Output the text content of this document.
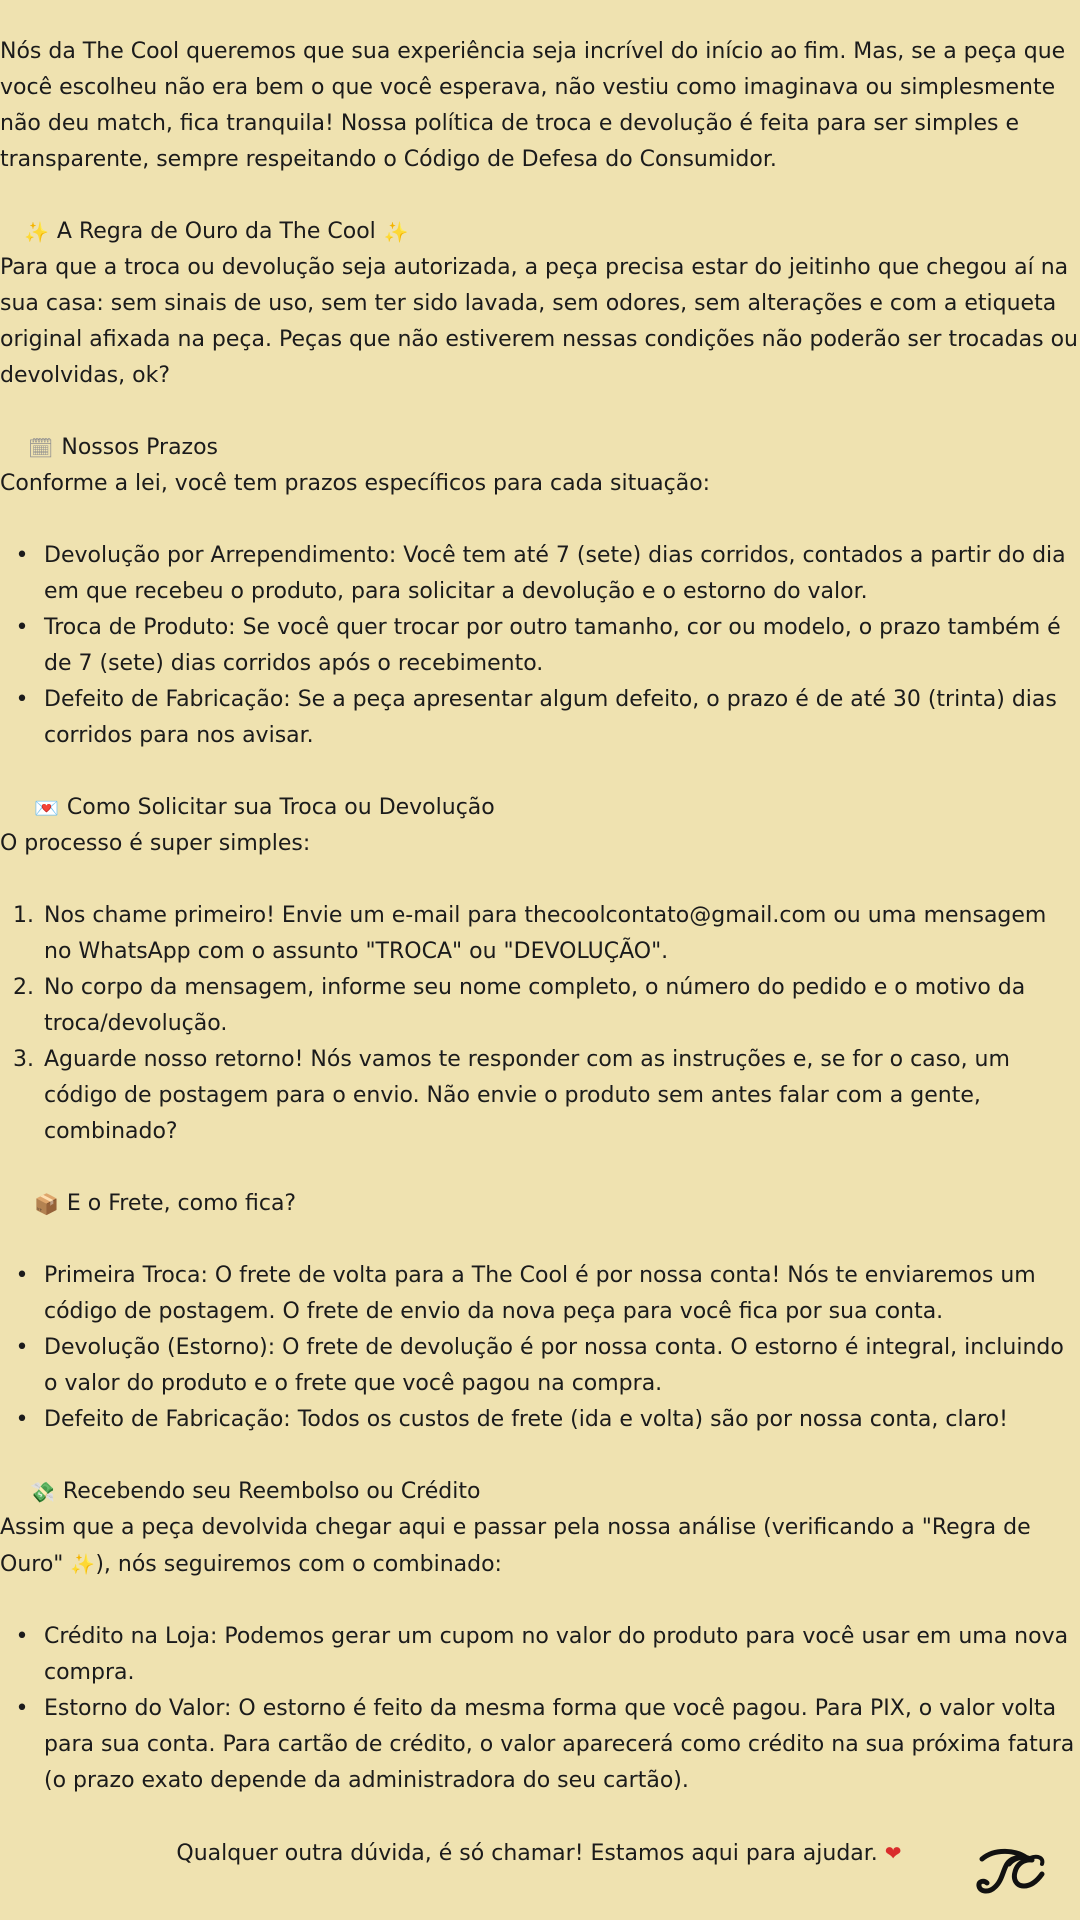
Nós da The Cool queremos que sua experiência seja incrível do início ao fim. Mas, se a peça que você escolheu não era bem o que você esperava, não vestiu como imaginava ou simplesmente não deu match, fica tranquila! Nossa política de troca e devolução é feita para ser simples e transparente, sempre respeitando o Código de Defesa do Consumidor.

✨ A Regra de Ouro da The Cool ✨

Para que a troca ou devolução seja autorizada, a peça precisa estar do jeitinho que chegou aí na sua casa: sem sinais de uso, sem ter sido lavada, sem odores, sem alterações e com a etiqueta original afixada na peça. Peças que não estiverem nessas condições não poderão ser trocadas ou devolvidas, ok?

🗓 Nossos Prazos

Conforme a lei, você tem prazos específicos para cada situação:

• Devolução por Arrependimento: Você tem até 7 (sete) dias corridos, contados a partir do dia em que recebeu o produto, para solicitar a devolução e o estorno do valor.
• Troca de Produto: Se você quer trocar por outro tamanho, cor ou modelo, o prazo também é de 7 (sete) dias corridos após o recebimento.
• Defeito de Fabricação: Se a peça apresentar algum defeito, o prazo é de até 30 (trinta) dias corridos para nos avisar.
💌 Como Solicitar sua Troca ou Devolução

O processo é super simples:

1. Nos chame primeiro! Envie um e-mail para thecoolcontato@gmail.com ou uma mensagem no WhatsApp com o assunto "TROCA" ou "DEVOLUÇÃO".
2. No corpo da mensagem, informe seu nome completo, o número do pedido e o motivo da troca/devolução.
3. Aguarde nosso retorno! Nós vamos te responder com as instruções e, se for o caso, um código de postagem para o envio. Não envie o produto sem antes falar com a gente, combinado?
📦 E o Frete, como fica?
• Primeira Troca: O frete de volta para a The Cool é por nossa conta! Nós te enviaremos um código de postagem. O frete de envio da nova peça para você fica por sua conta.
• Devolução (Estorno): O frete de devolução é por nossa conta. O estorno é integral, incluindo o valor do produto e o frete que você pagou na compra.
• Defeito de Fabricação: Todos os custos de frete (ida e volta) são por nossa conta, claro!
💸 Recebendo seu Reembolso ou Crédito

Assim que a peça devolvida chegar aqui e passar pela nossa análise (verificando a "Regra de Ouro" ✨), nós seguiremos com o combinado:

• Crédito na Loja: Podemos gerar um cupom no valor do produto para você usar em uma nova compra.
• Estorno do Valor: O estorno é feito da mesma forma que você pagou. Para PIX, o valor volta para sua conta. Para cartão de crédito, o valor aparecerá como crédito na sua próxima fatura (o prazo exato depende da administradora do seu cartão).

Qualquer outra dúvida, é só chamar! Estamos aqui para ajudar. ❤
